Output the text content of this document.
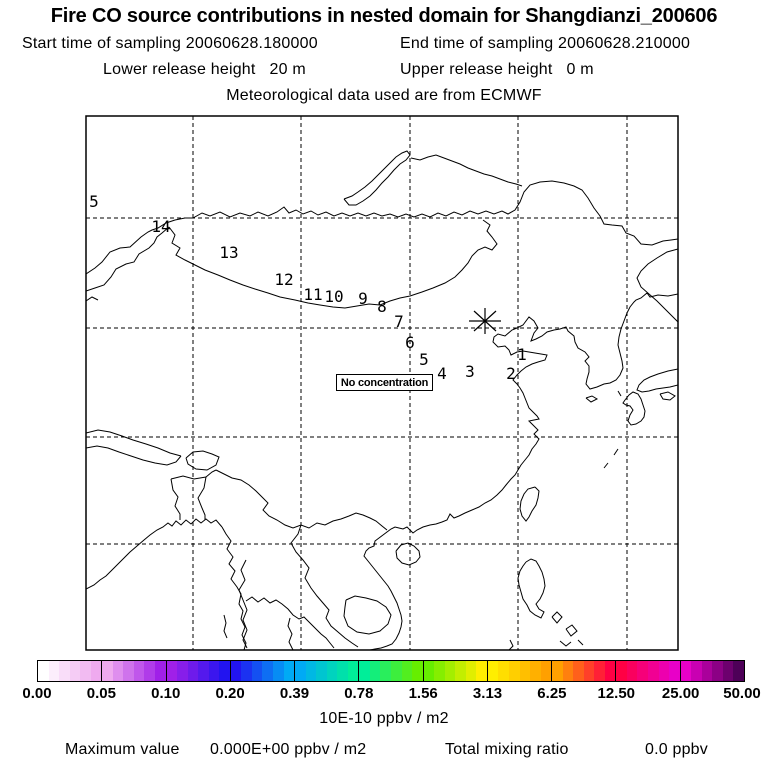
Fire CO source contributions in nested domain for Shangdianzi_200606
Start time of sampling 20060628.180000	End time of sampling 20060628.210000
Lower release height   20 m	Upper release height   0 m
Meteorological data used are from ECMWF
1
2
3
4
5
6
7
8
9
10
11
12
13
14
5
No concentration
0.00 0.05 0.10 0.20 0.39 0.78 1.56 3.13 6.25 12.50 25.00 50.00
10E-10 ppbv / m2
Maximum value 0.000E+00 ppbv / m2	Total mixing ratio	0.0 ppbv
